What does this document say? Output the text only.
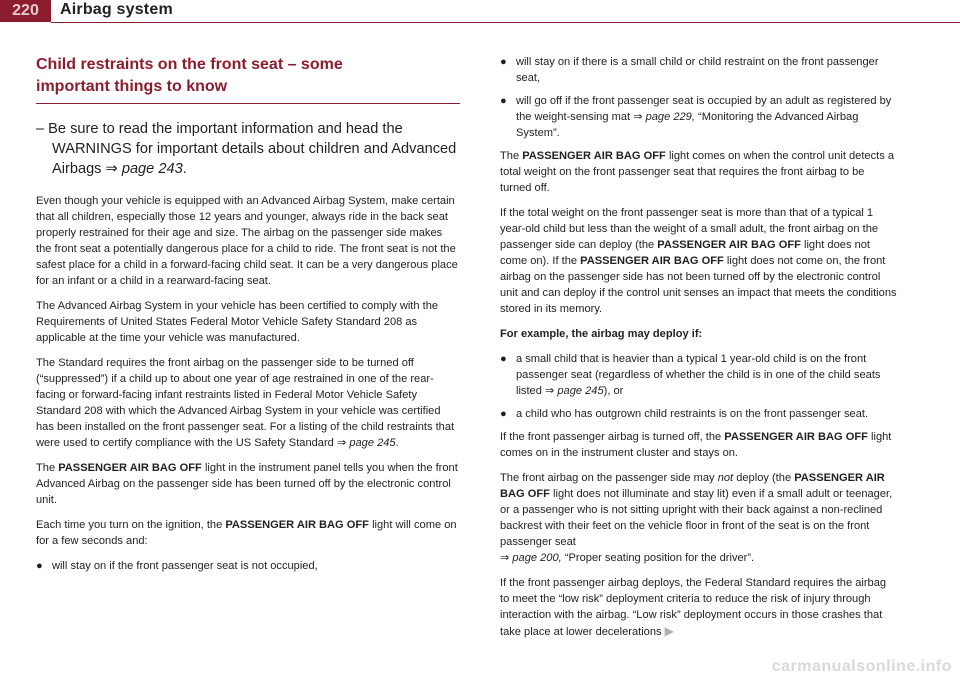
220	Airbag system
Child restraints on the front seat – some
important things to know
– Be sure to read the important information and head the WARNINGS for important details about children and Advanced Airbags ⇒ page 243.

Even though your vehicle is equipped with an Advanced Airbag System, make certain that all children, especially those 12 years and younger, always ride in the back seat properly restrained for their age and size. The airbag on the passenger side makes the front seat a potentially dangerous place for a child to ride. The front seat is not the safest place for a child in a forward-facing child seat. It can be a very dangerous place for an infant or a child in a rearward-facing seat.

The Advanced Airbag System in your vehicle has been certified to comply with the Requirements of United States Federal Motor Vehicle Safety Standard 208 as applicable at the time your vehicle was manufactured.

The Standard requires the front airbag on the passenger side to be turned off (“suppressed”) if a child up to about one year of age restrained in one of the rear-facing or forward-facing infant restraints listed in Federal Motor Vehicle Safety Standard 208 with which the Advanced Airbag System in your vehicle was certified has been installed on the front passenger seat. For a listing of the child restraints that were used to certify compliance with the US Safety Standard ⇒ page 245.

The PASSENGER AIR BAG OFF light in the instrument panel tells you when the front Advanced Airbag on the passenger side has been turned off by the electronic control unit.

Each time you turn on the ignition, the PASSENGER AIR BAG OFF light will come on for a few seconds and:

●   will stay on if the front passenger seat is not occupied,
●   will stay on if there is a small child or child restraint on the front passenger seat,
●   will go off if the front passenger seat is occupied by an adult as registered by the weight-sensing mat ⇒ page 229, “Monitoring the Advanced Airbag System”.

The PASSENGER AIR BAG OFF light comes on when the control unit detects a total weight on the front passenger seat that requires the front airbag to be turned off.

If the total weight on the front passenger seat is more than that of a typical 1 year-old child but less than the weight of a small adult, the front airbag on the passenger side can deploy (the PASSENGER AIR BAG OFF light does not come on). If the PASSENGER AIR BAG OFF light does not come on, the front airbag on the passenger side has not been turned off by the electronic control unit and can deploy if the control unit senses an impact that meets the conditions stored in its memory.

For example, the airbag may deploy if:

●   a small child that is heavier than a typical 1 year-old child is on the front passenger seat (regardless of whether the child is in one of the child seats listed ⇒ page 245), or
●   a child who has outgrown child restraints is on the front passenger seat.

If the front passenger airbag is turned off, the PASSENGER AIR BAG OFF light comes on in the instrument cluster and stays on.

The front airbag on the passenger side may not deploy (the PASSENGER AIR BAG OFF light does not illuminate and stay lit) even if a small adult or teenager, or a passenger who is not sitting upright with their back against a non-reclined backrest with their feet on the vehicle floor in front of the seat is on the front passenger seat
⇒ page 200, “Proper seating position for the driver”.

If the front passenger airbag deploys, the Federal Standard requires the airbag to meet the “low risk” deployment criteria to reduce the risk of injury through interaction with the airbag. “Low risk” deployment occurs in those crashes that take place at lower decelerations ▶

carmanualsonline.info
